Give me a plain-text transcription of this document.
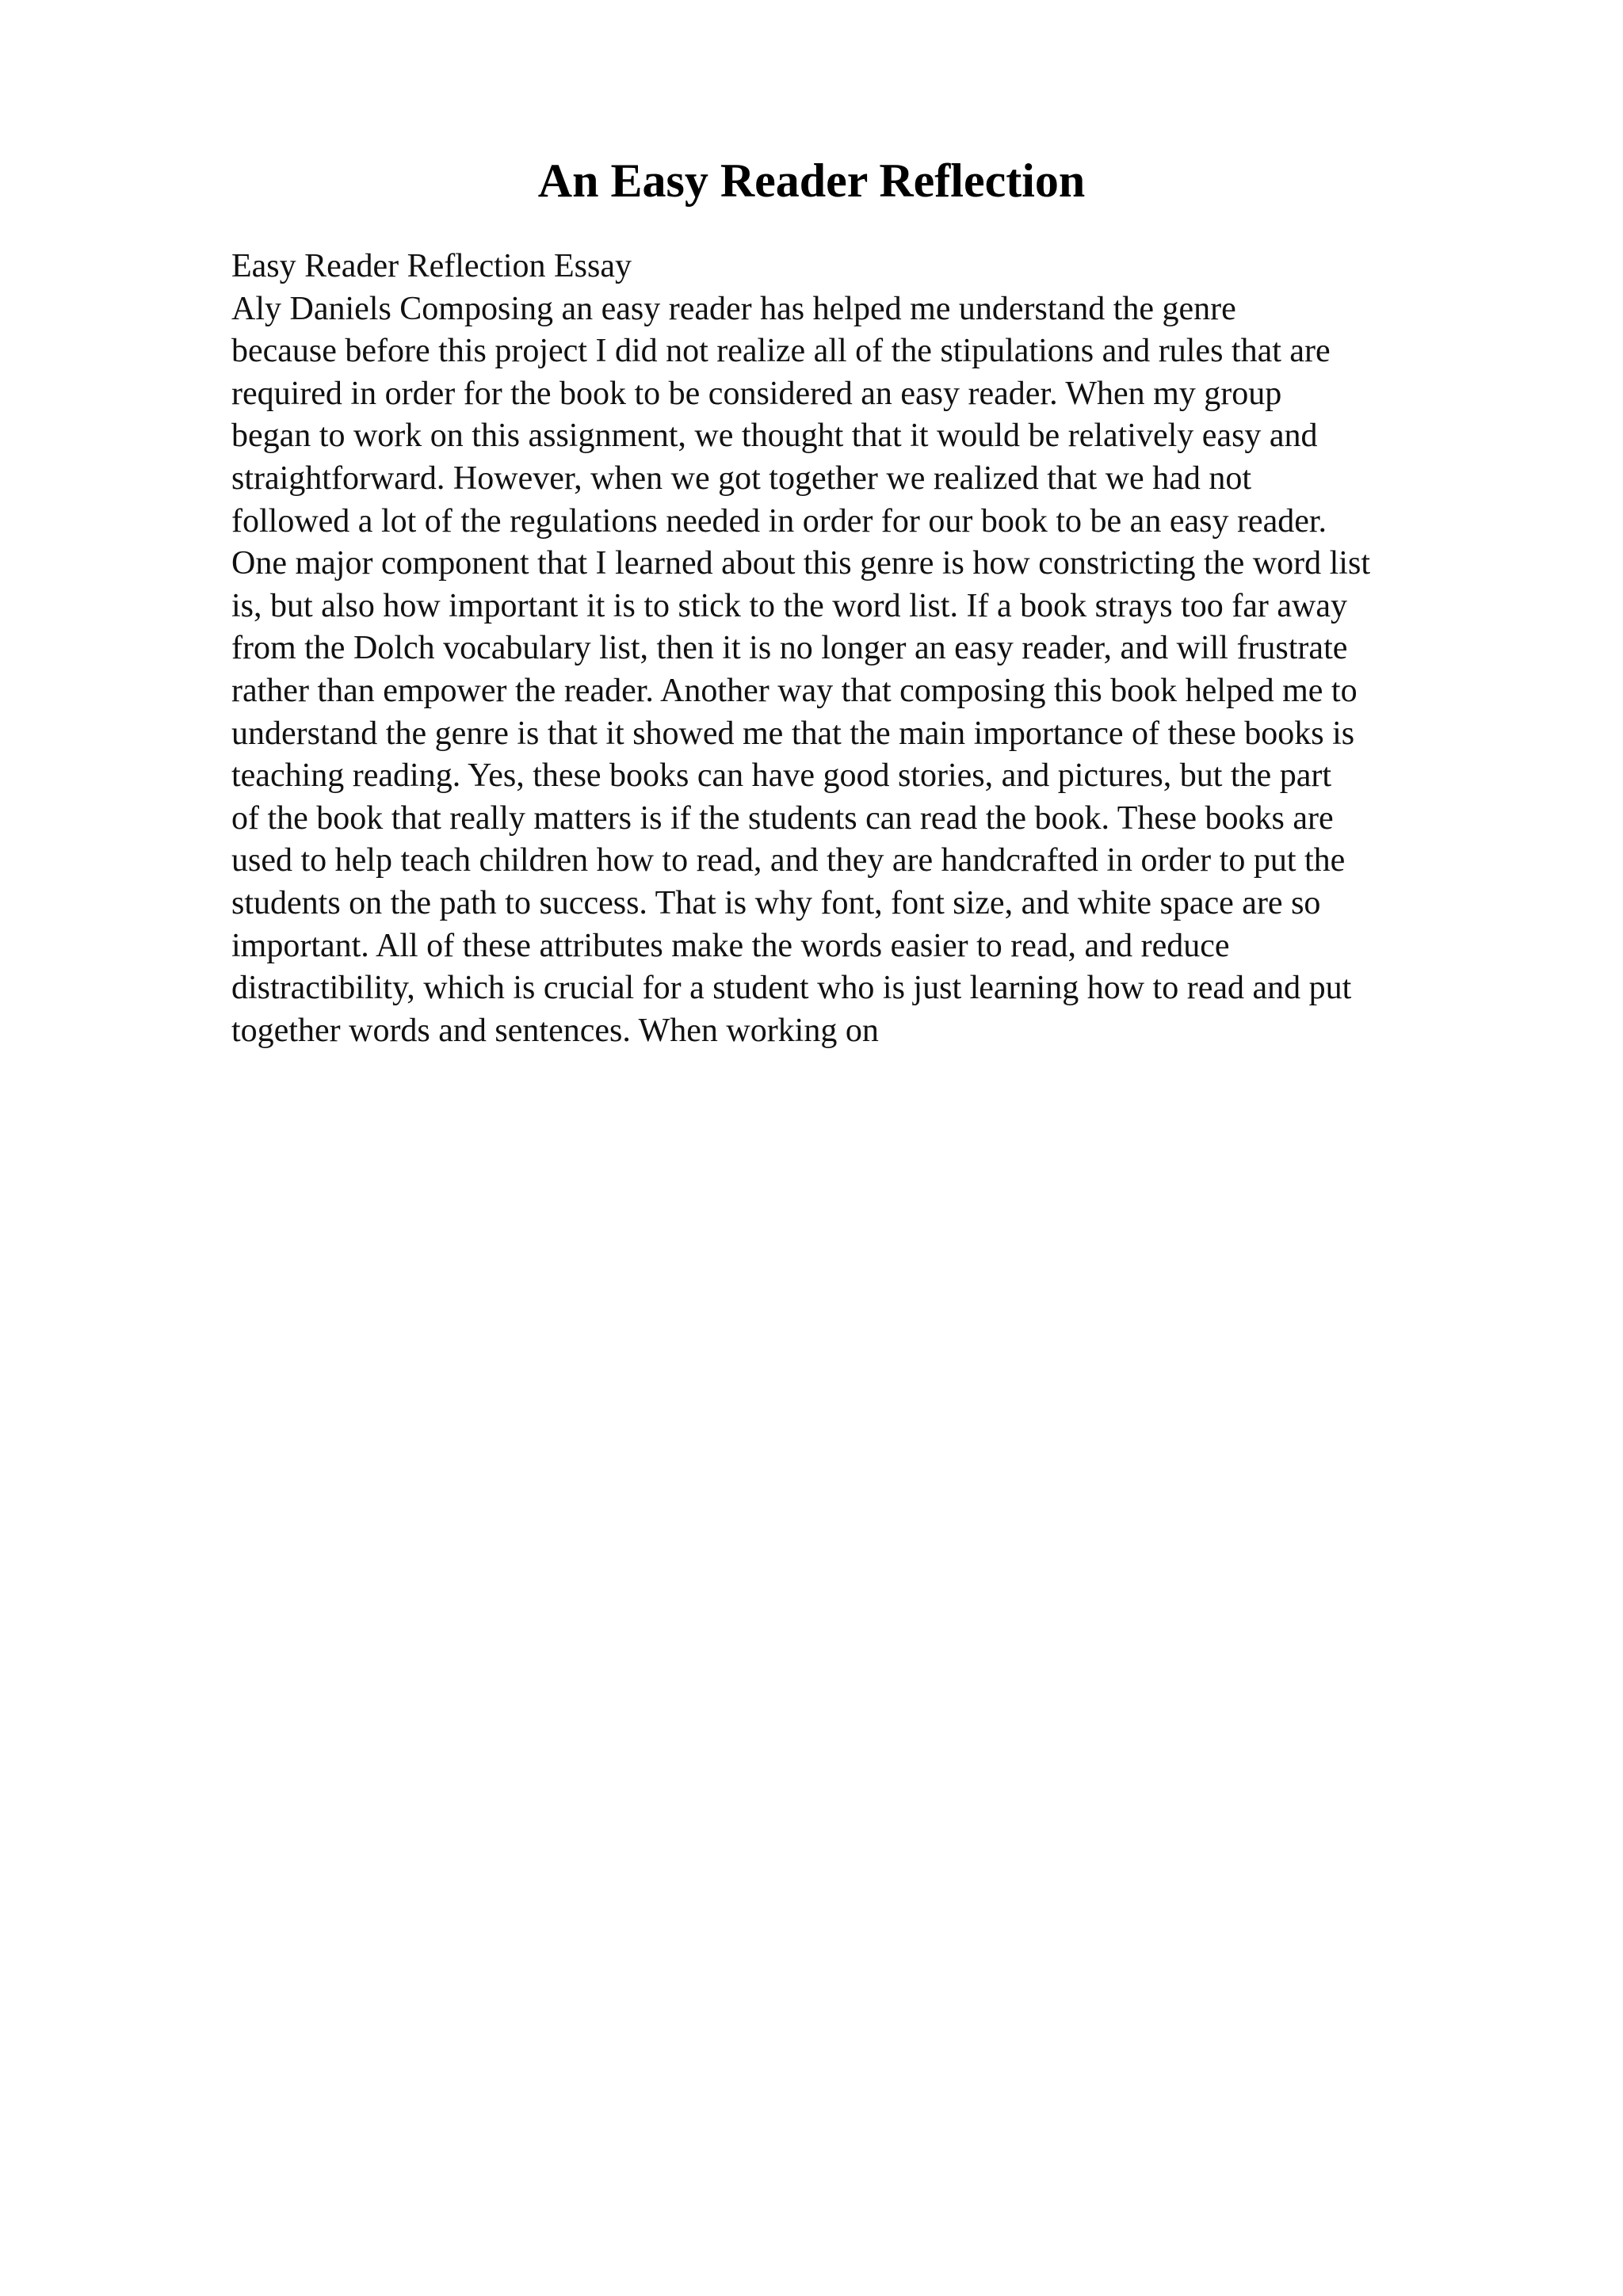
An Easy Reader Reflection
Easy Reader Reflection Essay
Aly Daniels Composing an easy reader has helped me understand the genre
because before this project I did not realize all of the stipulations and rules that are
required in order for the book to be considered an easy reader. When my group
began to work on this assignment, we thought that it would be relatively easy and
straightforward. However, when we got together we realized that we had not
followed a lot of the regulations needed in order for our book to be an easy reader.
One major component that I learned about this genre is how constricting the word list
is, but also how important it is to stick to the word list. If a book strays too far away
from the Dolch vocabulary list, then it is no longer an easy reader, and will frustrate
rather than empower the reader. Another way that composing this book helped me to
understand the genre is that it showed me that the main importance of these books is
teaching reading. Yes, these books can have good stories, and pictures, but the part
of the book that really matters is if the students can read the book. These books are
used to help teach children how to read, and they are handcrafted in order to put the
students on the path to success. That is why font, font size, and white space are so
important. All of these attributes make the words easier to read, and reduce
distractibility, which is crucial for a student who is just learning how to read and put
together words and sentences. When working on
